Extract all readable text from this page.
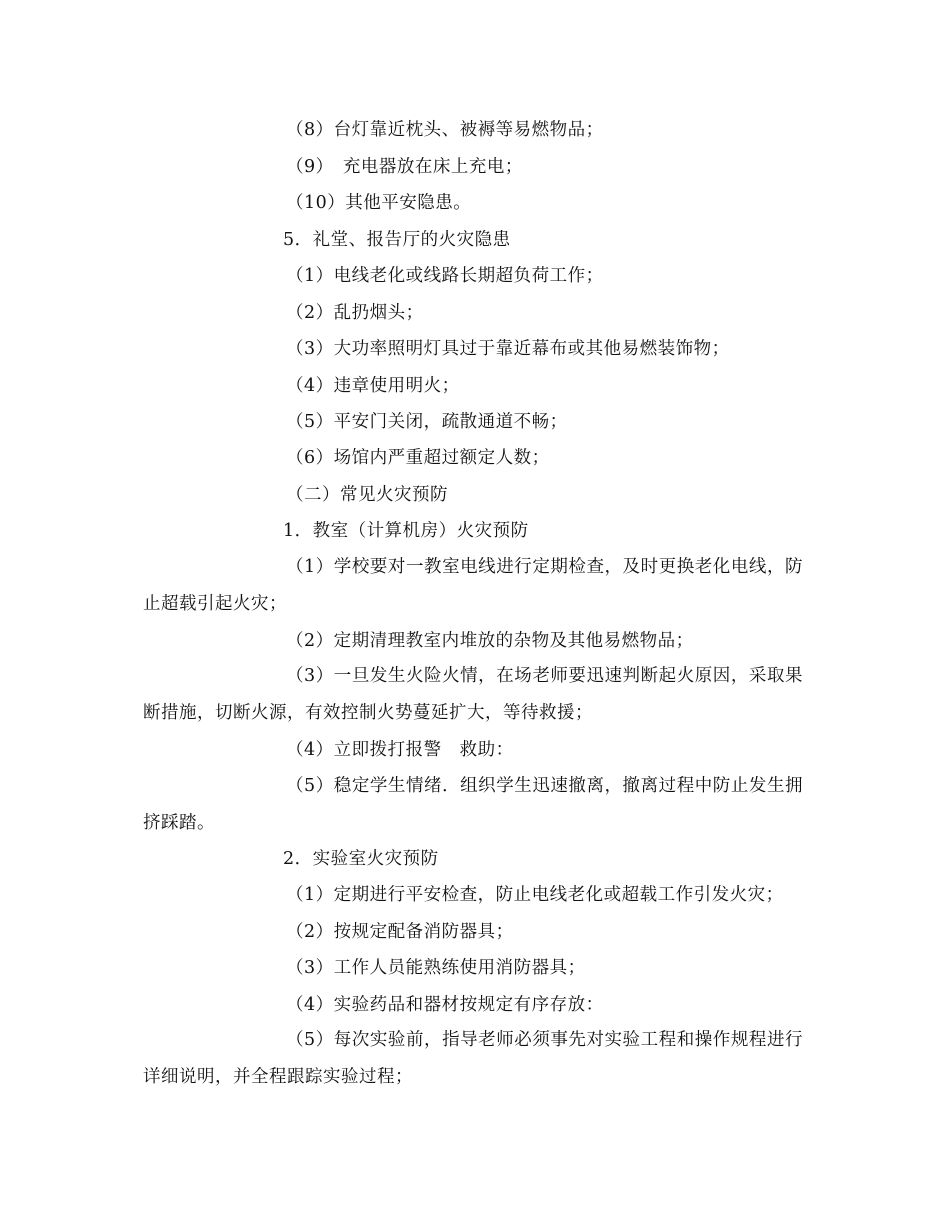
（8）台灯靠近枕头、被褥等易燃物品；

（9）　充电器放在床上充电；

（10）其他平安隐患。

5．礼堂、报告厅的火灾隐患

（1）电线老化或线路长期超负荷工作；

（2）乱扔烟头；

（3）大功率照明灯具过于靠近幕布或其他易燃装饰物；

（4）违章使用明火；

（5）平安门关闭，疏散通道不畅；

（6）场馆内严重超过额定人数；

（二）常见火灾预防

1．教室（计算机房）火灾预防

（1）学校要对一教室电线进行定期检查，及时更换老化电线，防止超载引起火灾；

（2）定期清理教室内堆放的杂物及其他易燃物品；

（3）一旦发生火险火情，在场老师要迅速判断起火原因，采取果断措施，切断火源，有效控制火势蔓延扩大，等待救援；

（4）立即拨打报警　救助：

（5）稳定学生情绪．组织学生迅速撤离，撤离过程中防止发生拥挤踩踏。

2．实验室火灾预防

（1）定期进行平安检查，防止电线老化或超载工作引发火灾；

（2）按规定配备消防器具；

（3）工作人员能熟练使用消防器具；

（4）实验药品和器材按规定有序存放：

（5）每次实验前，指导老师必须事先对实验工程和操作规程进行详细说明，并全程跟踪实验过程；
